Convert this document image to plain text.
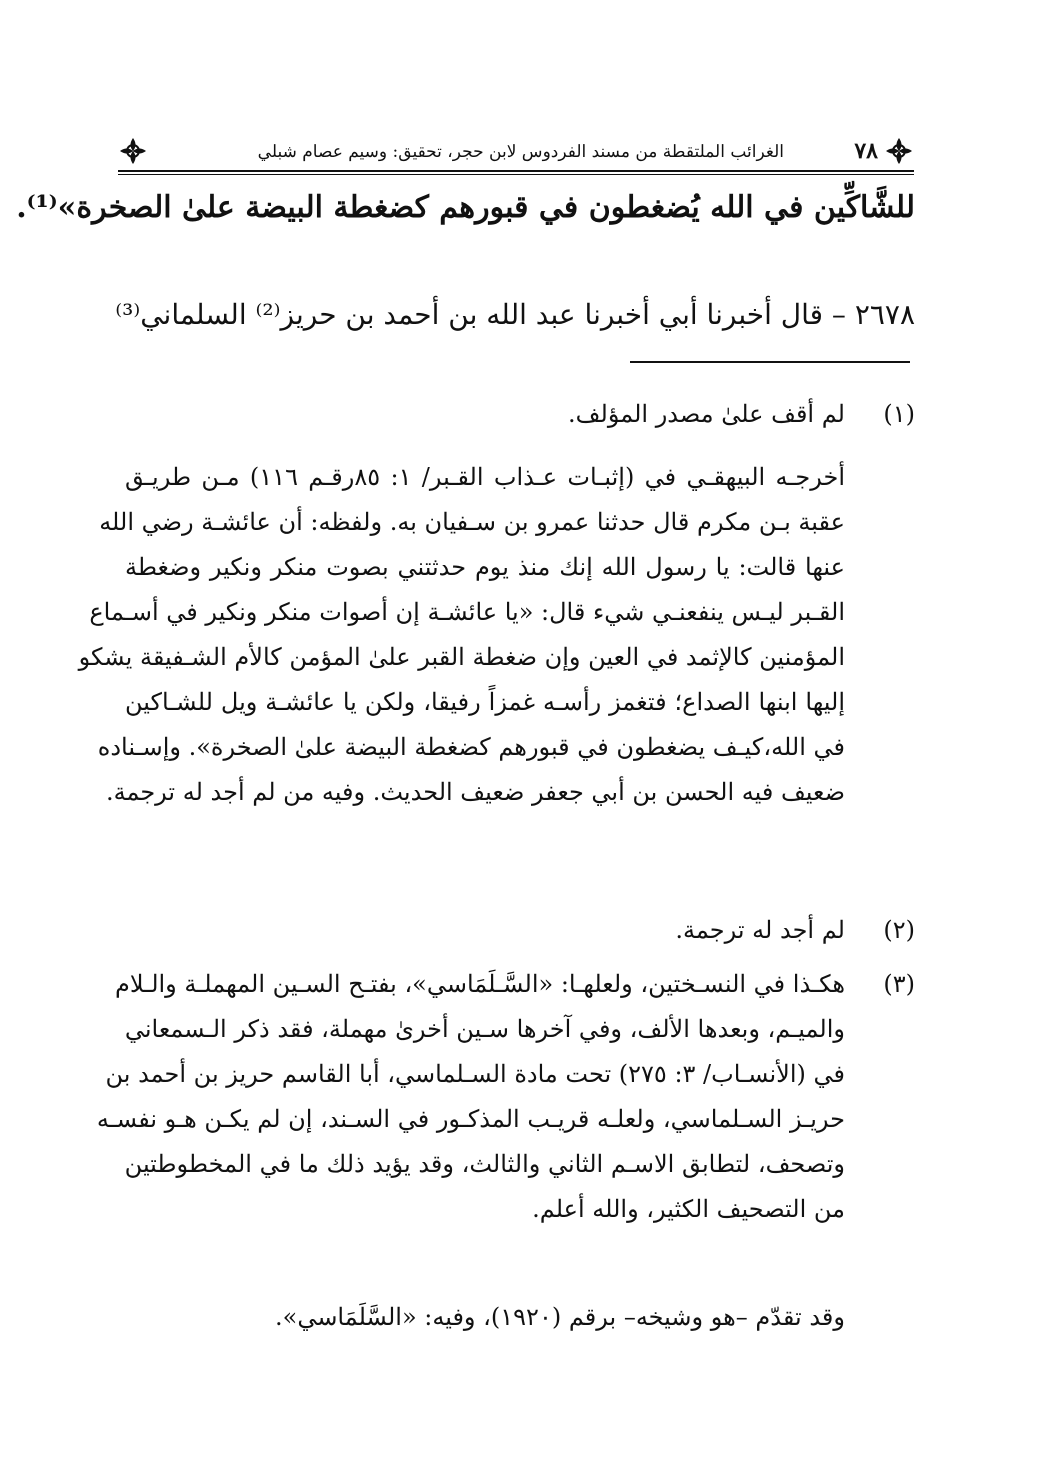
٧٨
الغرائب الملتقطة من مسند الفردوس لابن حجر، تحقيق: وسيم عصام شبلي
للشَّاكِّين في الله يُضغطون في قبورهم كضغطة البيضة علىٰ الصخرة»⁽¹⁾.
٢٦٧٨ – قال أخبرنا أبي أخبرنا عبد الله بن أحمد بن حريز⁽²⁾ السلماني⁽³⁾
(١)
لم أقف علىٰ مصدر المؤلف.
أخرجـه البيهقـي في (إثبـات عـذاب القـبر/ ١: ٨٥رقـم ١١٦) مـن طريـق
عقبة بـن مكرم قال حدثنا عمرو بن سـفيان به. ولفظه: أن عائشـة رضي الله
عنها قالت: يا رسول الله إنك منذ يوم حدثتني بصوت منكر ونكير وضغطة
القـبر ليـس ينفعنـي شيء قال: «يا عائشـة إن أصوات منكر ونكير في أسـماع
المؤمنين كالإثمد في العين وإن ضغطة القبر علىٰ المؤمن كالأم الشـفيقة يشكو
إليها ابنها الصداع؛ فتغمز رأسـه غمزاً رفيقا، ولكن يا عائشـة ويل للشـاكين
في الله،كيـف يضغطون في قبورهم كضغطة البيضة علىٰ الصخرة». وإسـناده
ضعيف فيه الحسن بن أبي جعفر ضعيف الحديث. وفيه من لم أجد له ترجمة.
(٢)
لم أجد له ترجمة.
(٣)
هكـذا في النسـختين، ولعلهـا: «السَّـلَمَاسي»، بفتـح السـين المهملـة والـلام
والميـم، وبعدها الألف، وفي آخرها سـين أخرىٰ مهملة، فقد ذكر الـسمعاني
في (الأنسـاب/ ٣: ٢٧٥) تحت مادة السـلماسي، أبا القاسم حريز بن أحمد بن
حريـز السـلماسي، ولعلـه قريـب المذكـور في السـند، إن لم يكـن هـو نفسـه
وتصحف، لتطابق الاسـم الثاني والثالث، وقد يؤيد ذلك ما في المخطوطتين
من التصحيف الكثير، والله أعلم.
وقد تقدّم –هو وشيخه– برقم (١٩٢٠)، وفيه: «السَّلَمَاسي».
